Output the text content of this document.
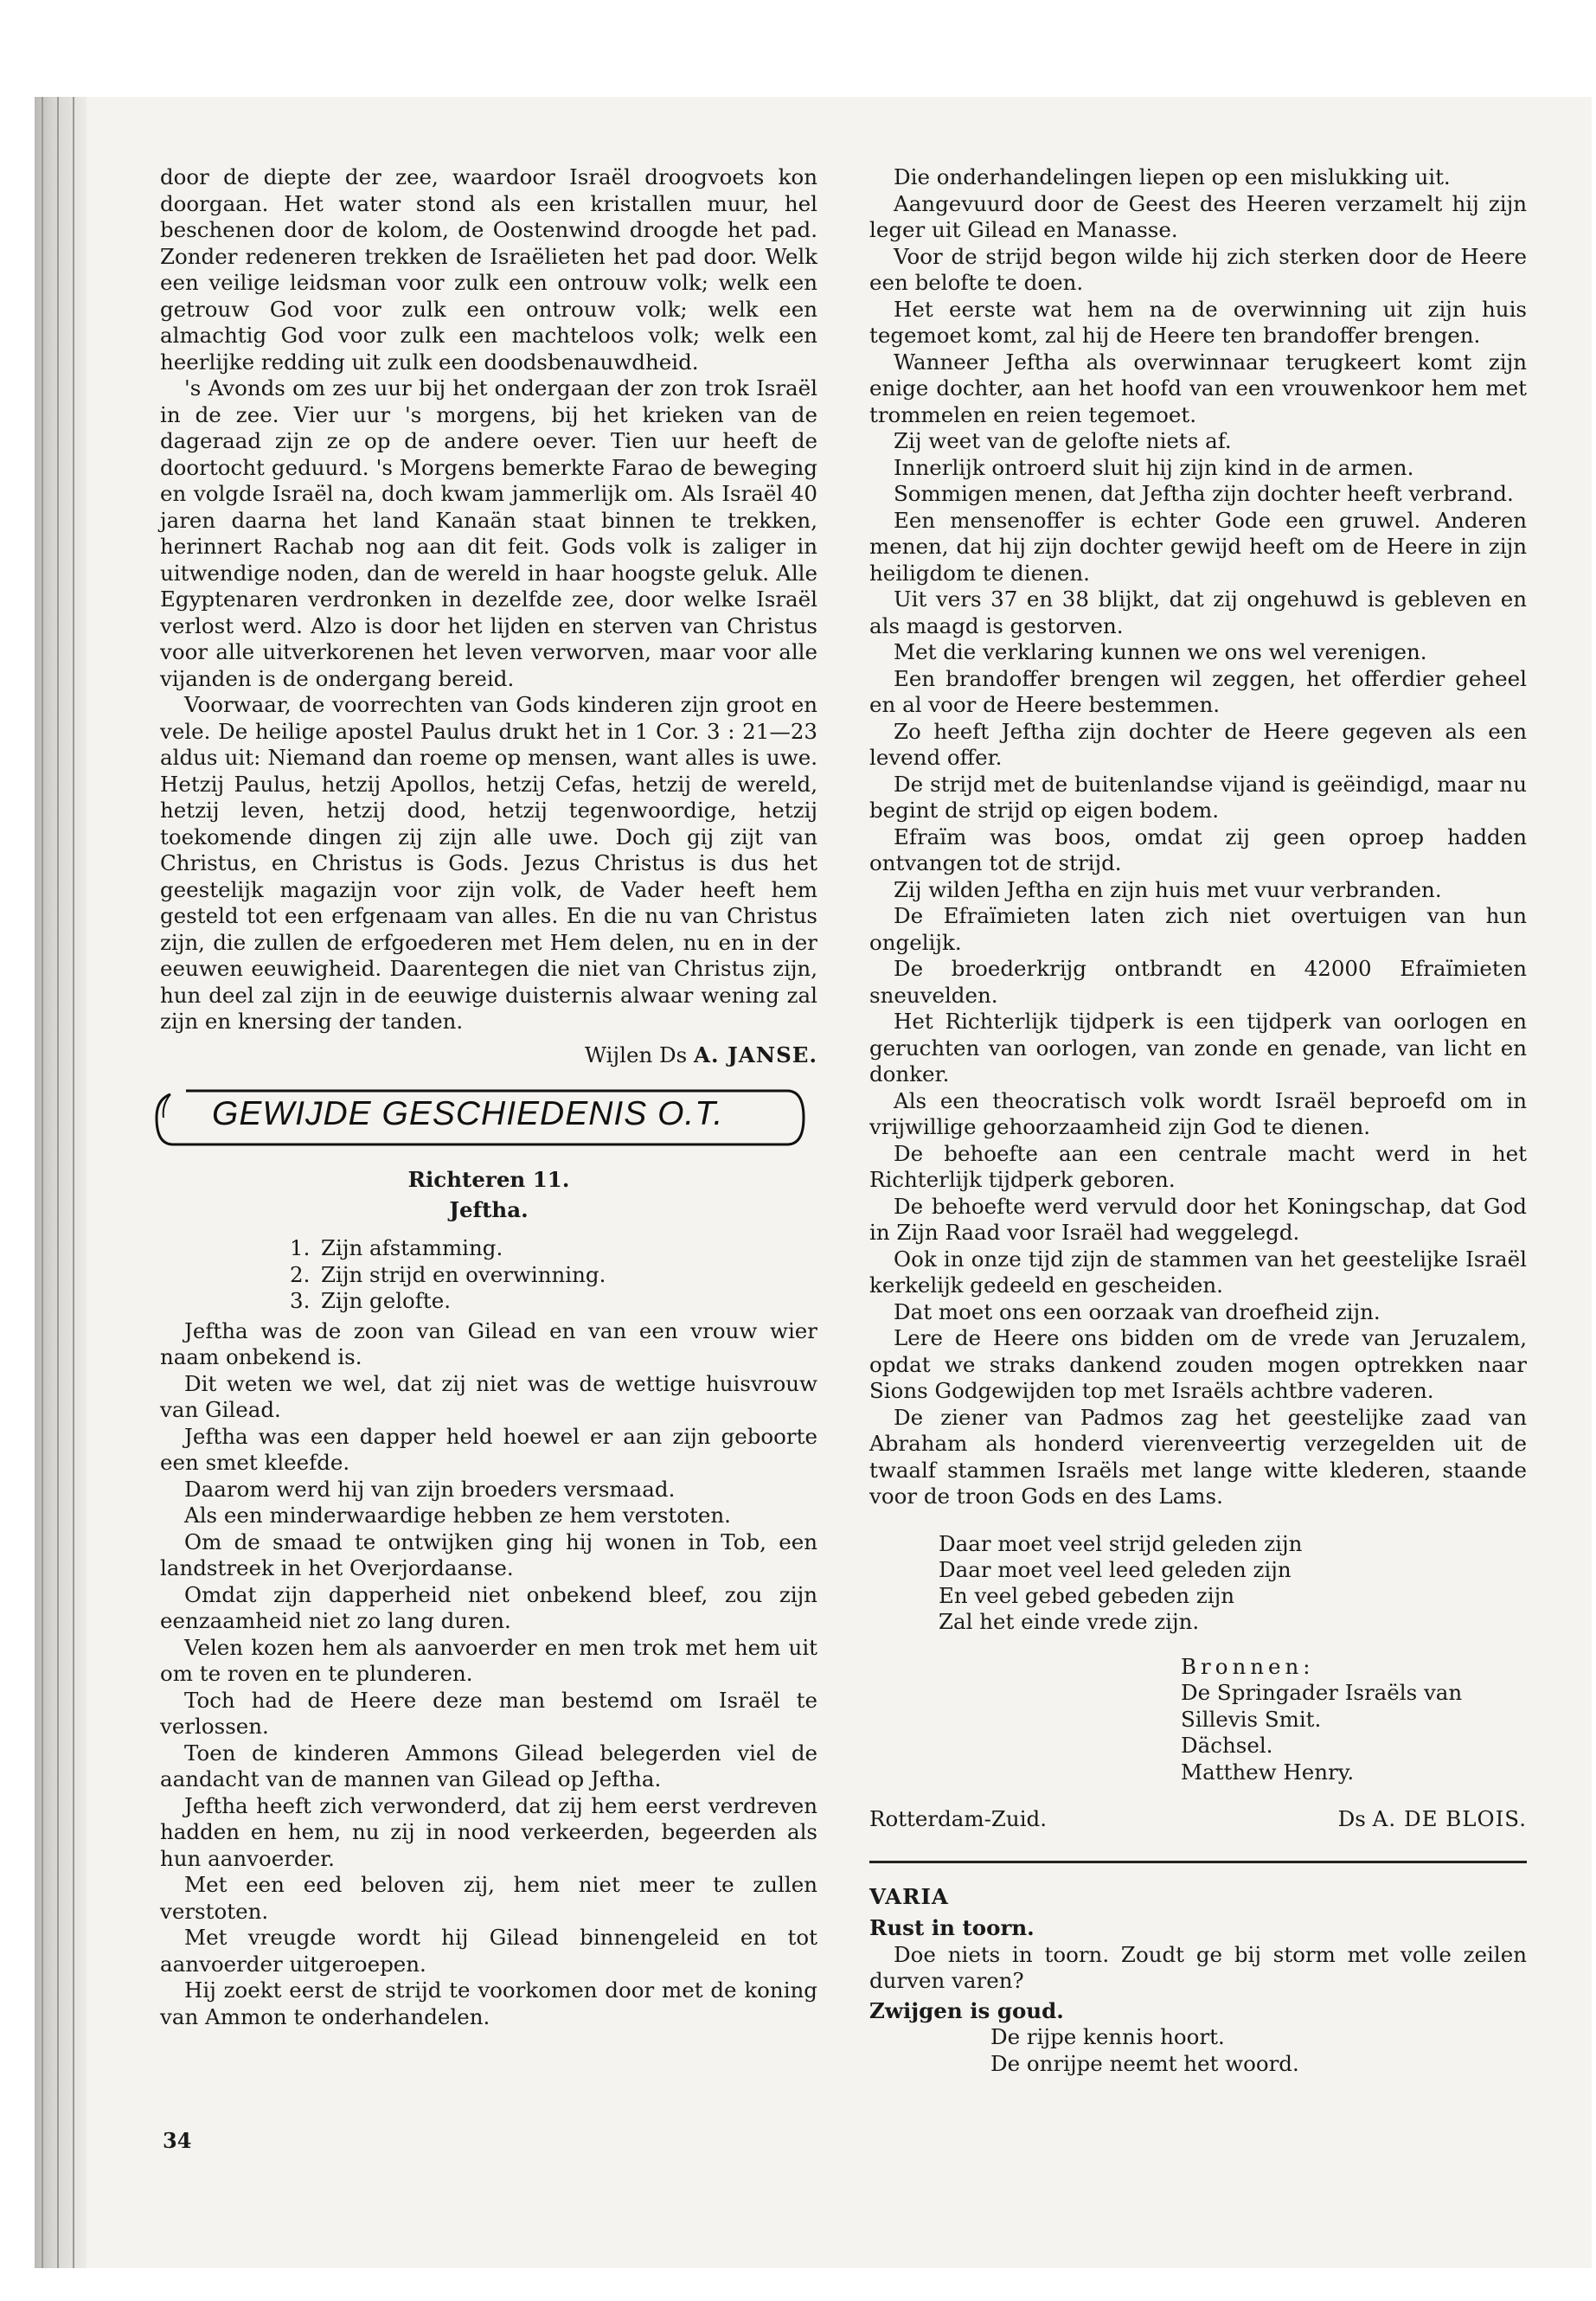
door de diepte der zee, waardoor Israël droogvoets kon doorgaan. Het water stond als een kristallen muur, hel beschenen door de kolom, de Oostenwind droogde het pad. Zonder redeneren trekken de Israëlieten het pad door. Welk een veilige leidsman voor zulk een ontrouw volk; welk een getrouw God voor zulk een ontrouw volk; welk een almachtig God voor zulk een machteloos volk; welk een heerlijke redding uit zulk een doodsbenauwdheid.

's Avonds om zes uur bij het ondergaan der zon trok Israël in de zee. Vier uur 's morgens, bij het krieken van de dageraad zijn ze op de andere oever. Tien uur heeft de doortocht geduurd. 's Morgens bemerkte Farao de beweging en volgde Israël na, doch kwam jammerlijk om. Als Israël 40 jaren daarna het land Kanaän staat binnen te trekken, herinnert Rachab nog aan dit feit. Gods volk is zaliger in uitwendige noden, dan de wereld in haar hoogste geluk. Alle Egyptenaren verdronken in dezelfde zee, door welke Israël verlost werd. Alzo is door het lijden en sterven van Christus voor alle uitverkorenen het leven verworven, maar voor alle vijanden is de ondergang bereid.

Voorwaar, de voorrechten van Gods kinderen zijn groot en vele. De heilige apostel Paulus drukt het in 1 Cor. 3 : 21—23 aldus uit: Niemand dan roeme op mensen, want alles is uwe. Hetzij Paulus, hetzij Apollos, hetzij Cefas, hetzij de wereld, hetzij leven, hetzij dood, hetzij tegenwoordige, hetzij toekomende dingen zij zijn alle uwe. Doch gij zijt van Christus, en Christus is Gods. Jezus Christus is dus het geestelijk magazijn voor zijn volk, de Vader heeft hem gesteld tot een erfgenaam van alles. En die nu van Christus zijn, die zullen de erfgoederen met Hem delen, nu en in der eeuwen eeuwigheid. Daarentegen die niet van Christus zijn, hun deel zal zijn in de eeuwige duisternis alwaar wening zal zijn en knersing der tanden.

Wijlen Ds A. JANSE.
GEWIJDE GESCHIEDENIS O.T.
Richteren 11.
Jeftha.
1. Zijn afstamming.
2. Zijn strijd en overwinning.
3. Zijn gelofte.

Jeftha was de zoon van Gilead en van een vrouw wier naam onbekend is.

Dit weten we wel, dat zij niet was de wettige huisvrouw van Gilead.

Jeftha was een dapper held hoewel er aan zijn geboorte een smet kleefde.

Daarom werd hij van zijn broeders versmaad.

Als een minderwaardige hebben ze hem verstoten.

Om de smaad te ontwijken ging hij wonen in Tob, een landstreek in het Overjordaanse.

Omdat zijn dapperheid niet onbekend bleef, zou zijn eenzaamheid niet zo lang duren.

Velen kozen hem als aanvoerder en men trok met hem uit om te roven en te plunderen.

Toch had de Heere deze man bestemd om Israël te verlossen.

Toen de kinderen Ammons Gilead belegerden viel de aandacht van de mannen van Gilead op Jeftha.

Jeftha heeft zich verwonderd, dat zij hem eerst verdreven hadden en hem, nu zij in nood verkeerden, begeerden als hun aanvoerder.

Met een eed beloven zij, hem niet meer te zullen verstoten.

Met vreugde wordt hij Gilead binnengeleid en tot aanvoerder uitgeroepen.

Hij zoekt eerst de strijd te voorkomen door met de koning van Ammon te onderhandelen.

Die onderhandelingen liepen op een mislukking uit.

Aangevuurd door de Geest des Heeren verzamelt hij zijn leger uit Gilead en Manasse.

Voor de strijd begon wilde hij zich sterken door de Heere een belofte te doen.

Het eerste wat hem na de overwinning uit zijn huis tegemoet komt, zal hij de Heere ten brandoffer brengen.

Wanneer Jeftha als overwinnaar terugkeert komt zijn enige dochter, aan het hoofd van een vrouwenkoor hem met trommelen en reien tegemoet.

Zij weet van de gelofte niets af.

Innerlijk ontroerd sluit hij zijn kind in de armen.

Sommigen menen, dat Jeftha zijn dochter heeft verbrand.

Een mensenoffer is echter Gode een gruwel. Anderen menen, dat hij zijn dochter gewijd heeft om de Heere in zijn heiligdom te dienen.

Uit vers 37 en 38 blijkt, dat zij ongehuwd is gebleven en als maagd is gestorven.

Met die verklaring kunnen we ons wel verenigen.

Een brandoffer brengen wil zeggen, het offerdier geheel en al voor de Heere bestemmen.

Zo heeft Jeftha zijn dochter de Heere gegeven als een levend offer.

De strijd met de buitenlandse vijand is geëindigd, maar nu begint de strijd op eigen bodem.

Efraïm was boos, omdat zij geen oproep hadden ontvangen tot de strijd.

Zij wilden Jeftha en zijn huis met vuur verbranden.

De Efraïmieten laten zich niet overtuigen van hun ongelijk.

De broederkrijg ontbrandt en 42000 Efraïmieten sneuvelden.

Het Richterlijk tijdperk is een tijdperk van oorlogen en geruchten van oorlogen, van zonde en genade, van licht en donker.

Als een theocratisch volk wordt Israël beproefd om in vrijwillige gehoorzaamheid zijn God te dienen.

De behoefte aan een centrale macht werd in het Richterlijk tijdperk geboren.

De behoefte werd vervuld door het Koningschap, dat God in Zijn Raad voor Israël had weggelegd.

Ook in onze tijd zijn de stammen van het geestelijke Israël kerkelijk gedeeld en gescheiden.

Dat moet ons een oorzaak van droefheid zijn.

Lere de Heere ons bidden om de vrede van Jeruzalem, opdat we straks dankend zouden mogen optrekken naar Sions Godgewijden top met Israëls achtbre vaderen.

De ziener van Padmos zag het geestelijke zaad van Abraham als honderd vierenveertig verzegelden uit de twaalf stammen Israëls met lange witte klederen, staande voor de troon Gods en des Lams.

Daar moet veel strijd geleden zijn
Daar moet veel leed geleden zijn
En veel gebed gebeden zijn
Zal het einde vrede zijn.
Bronnen:
De Springader Israëls van
Sillevis Smit.
Dächsel.
Matthew Henry.
Rotterdam-Zuid.	Ds A. DE BLOIS.
VARIA
Rust in toorn.

Doe niets in toorn. Zoudt ge bij storm met volle zeilen durven varen?

Zwijgen is goud.
De rijpe kennis hoort.
De onrijpe neemt het woord.
34
